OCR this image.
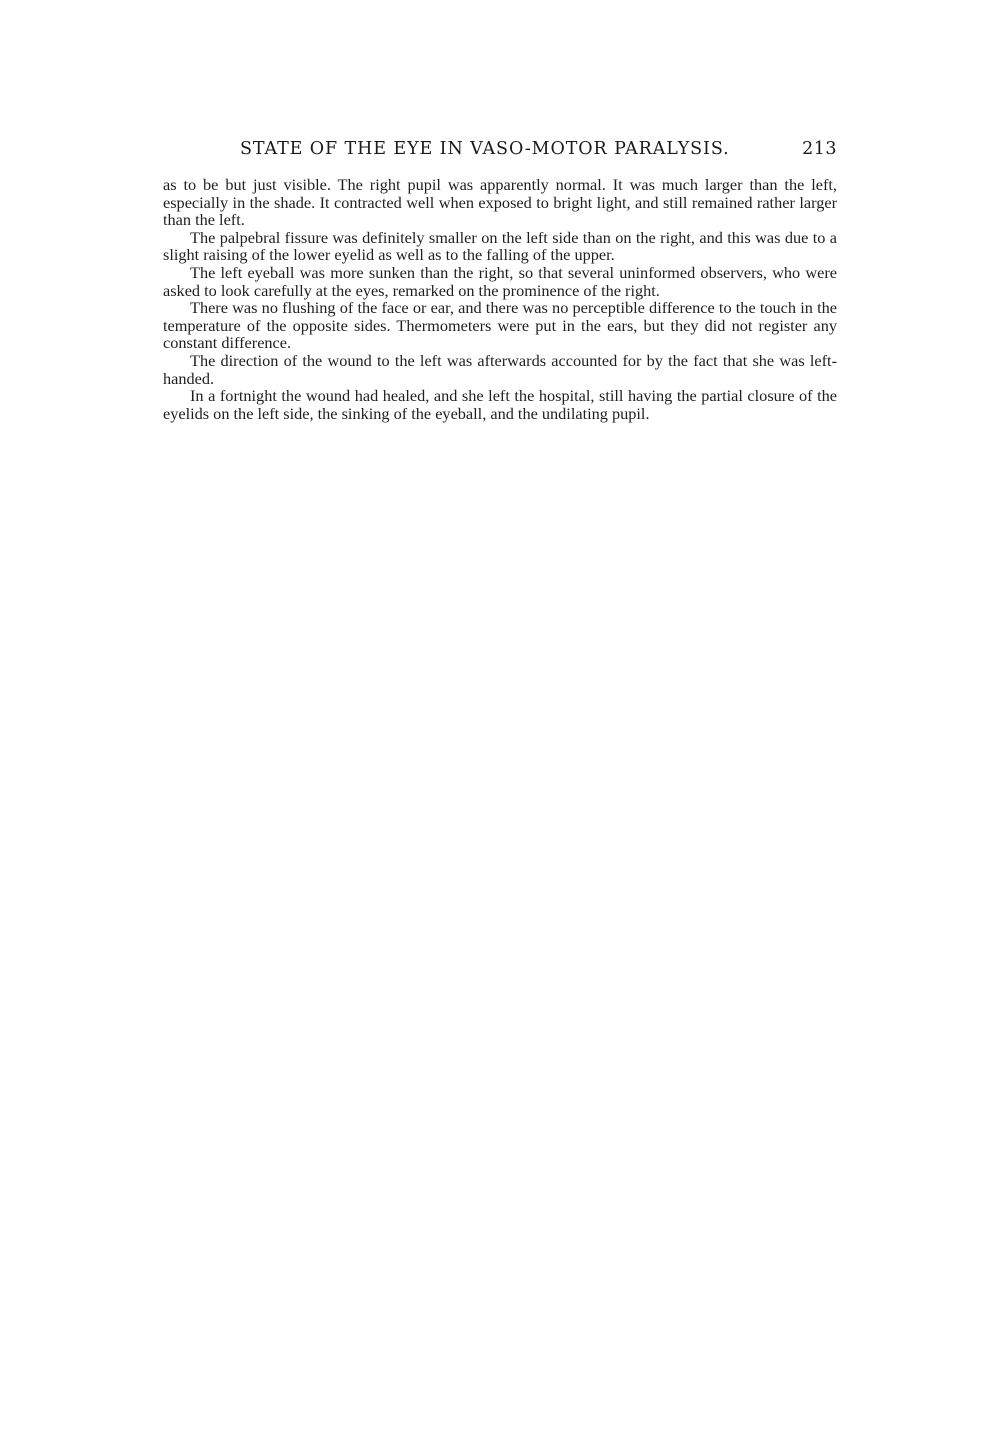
STATE OF THE EYE IN VASO-MOTOR PARALYSIS.	213

as to be but just visible. The right pupil was apparently normal. It was much larger than the left, especially in the shade. It contracted well when exposed to bright light, and still remained rather larger than the left.

The palpebral fissure was definitely smaller on the left side than on the right, and this was due to a slight raising of the lower eyelid as well as to the falling of the upper.

The left eyeball was more sunken than the right, so that several uninformed observers, who were asked to look carefully at the eyes, remarked on the prominence of the right.

There was no flushing of the face or ear, and there was no perceptible difference to the touch in the temperature of the opposite sides. Thermometers were put in the ears, but they did not register any constant difference.

The direction of the wound to the left was afterwards accounted for by the fact that she was left-handed.

In a fortnight the wound had healed, and she left the hospital, still having the partial closure of the eyelids on the left side, the sinking of the eyeball, and the undilating pupil.
